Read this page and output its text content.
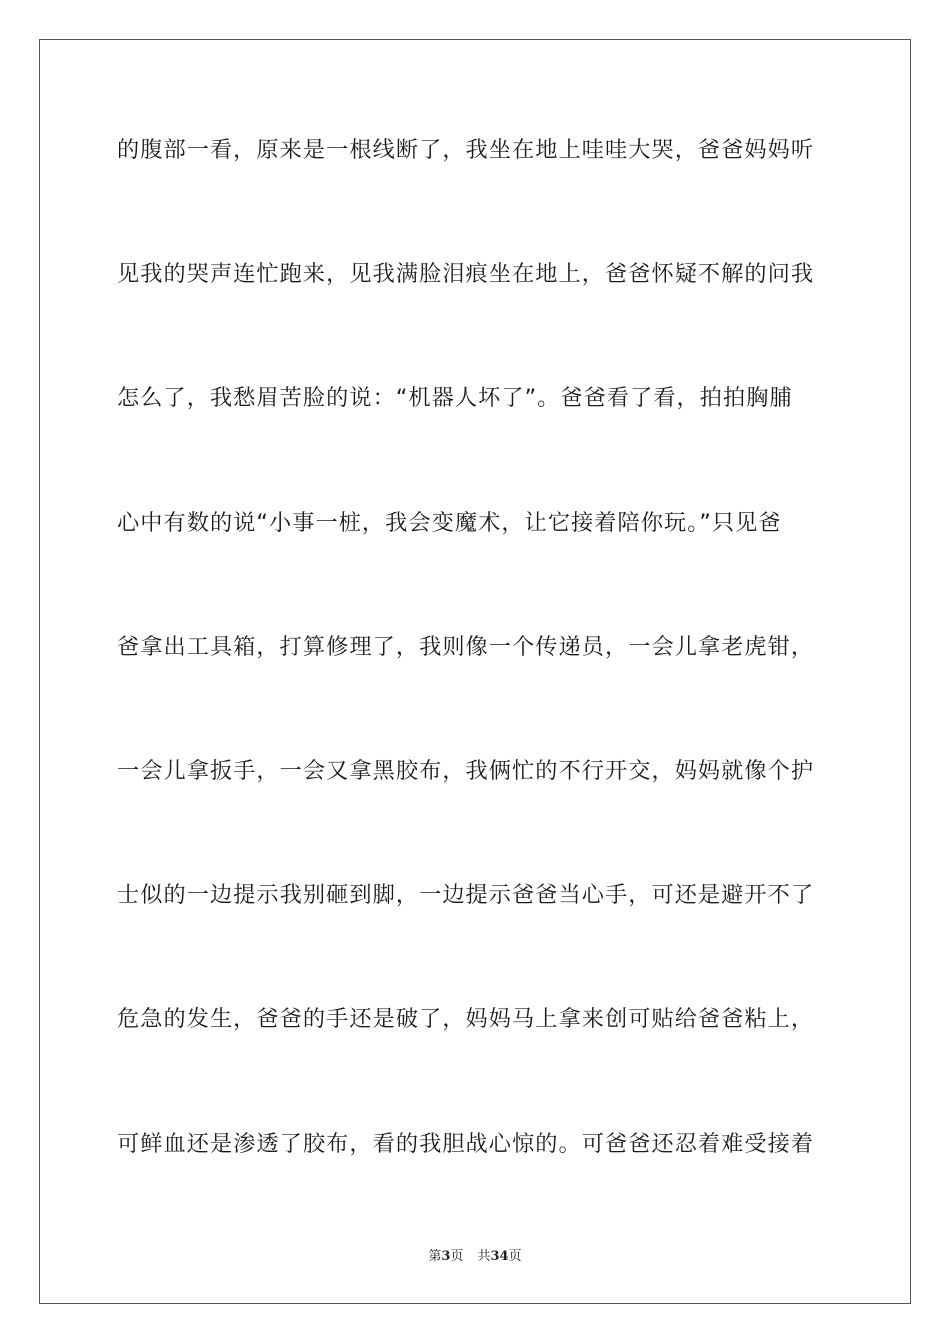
的腹部一看，原来是一根线断了，我坐在地上哇哇大哭，爸爸妈妈听
见我的哭声连忙跑来，见我满脸泪痕坐在地上，爸爸怀疑不解的问我
怎么了，我愁眉苦脸的说：“机器人坏了”。爸爸看了看，拍拍胸脯
心中有数的说“小事一桩，我会变魔术，让它接着陪你玩。”只见爸
爸拿出工具箱，打算修理了，我则像一个传递员，一会儿拿老虎钳，
一会儿拿扳手，一会又拿黑胶布，我俩忙的不行开交，妈妈就像个护
士似的一边提示我别砸到脚，一边提示爸爸当心手，可还是避开不了
危急的发生，爸爸的手还是破了，妈妈马上拿来创可贴给爸爸粘上，
可鲜血还是渗透了胶布，看的我胆战心惊的。可爸爸还忍着难受接着
第3页 共34页
